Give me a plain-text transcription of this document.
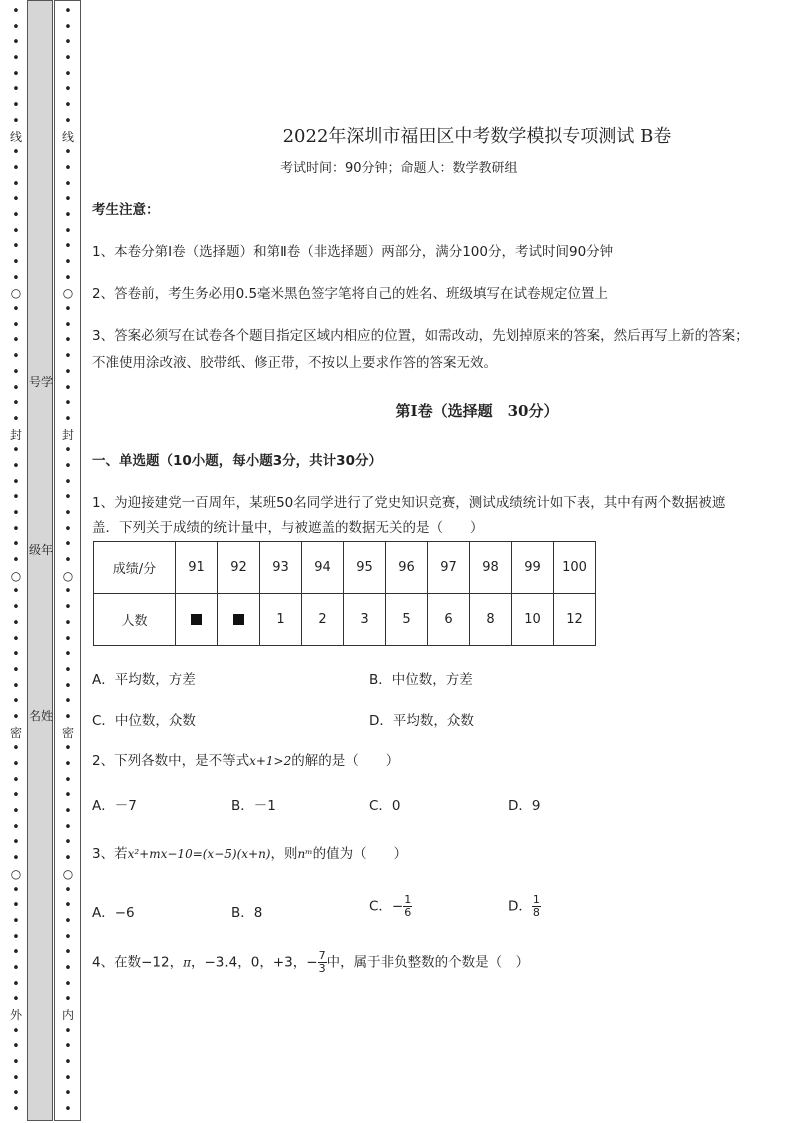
•
•
•
•
•
•
•
•
线
•
•
•
•
•
•
•
•
•
○
•
•
•
•
•
•
•
•
封
•
•
•
•
•
•
•
•
○
•
•
•
•
•
•
•
•
•
密
•
•
•
•
•
•
•
•
○
•
•
•
•
•
•
•
•
外
•
•
•
•
•
•
号学
级年
名姓
•
•
•
•
•
•
•
•
线
•
•
•
•
•
•
•
•
•
○
•
•
•
•
•
•
•
•
封
•
•
•
•
•
•
•
•
○
•
•
•
•
•
•
•
•
•
密
•
•
•
•
•
•
•
•
○
•
•
•
•
•
•
•
•
内
•
•
•
•
•
•
2022年深圳市福田区中考数学模拟专项测试 B卷
考试时间：90分钟；命题人：数学教研组
考生注意：
1、本卷分第I卷（选择题）和第Ⅱ卷（非选择题）两部分，满分100分，考试时间90分钟
2、答卷前，考生务必用0.5毫米黑色签字笔将自己的姓名、班级填写在试卷规定位置上
3、答案必须写在试卷各个题目指定区域内相应的位置，如需改动，先划掉原来的答案，然后再写上新的答案；不准使用涂改液、胶带纸、修正带，不按以上要求作答的答案无效。
第I卷（选择题　30分）
一、单选题（10小题，每小题3分，共计30分）
1、为迎接建党一百周年，某班50名同学进行了党史知识竞赛，测试成绩统计如下表，其中有两个数据被遮盖．下列关于成绩的统计量中，与被遮盖的数据无关的是（　　）
成绩/分	91	92	93	94	95	96	97	98	99	100
人数			1	2	3	5	6	8	10	12
A．平均数，方差	B．中位数，方差
C．中位数，众数	D．平均数，众数
2、下列各数中，是不等式x+1>2的解的是（　　）
A．－7	B．－1	C．0	D．9
3、若x²+mx−10=(x−5)(x+n)，则nᵐ的值为（　　）
A．−6	B．8	C．− $\frac{1}{6}$	D． $\frac{1}{8}$
4、在数−12，π，−3.4，0，+3，− $\frac{7}{3}$ 中，属于非负整数的个数是（　）
